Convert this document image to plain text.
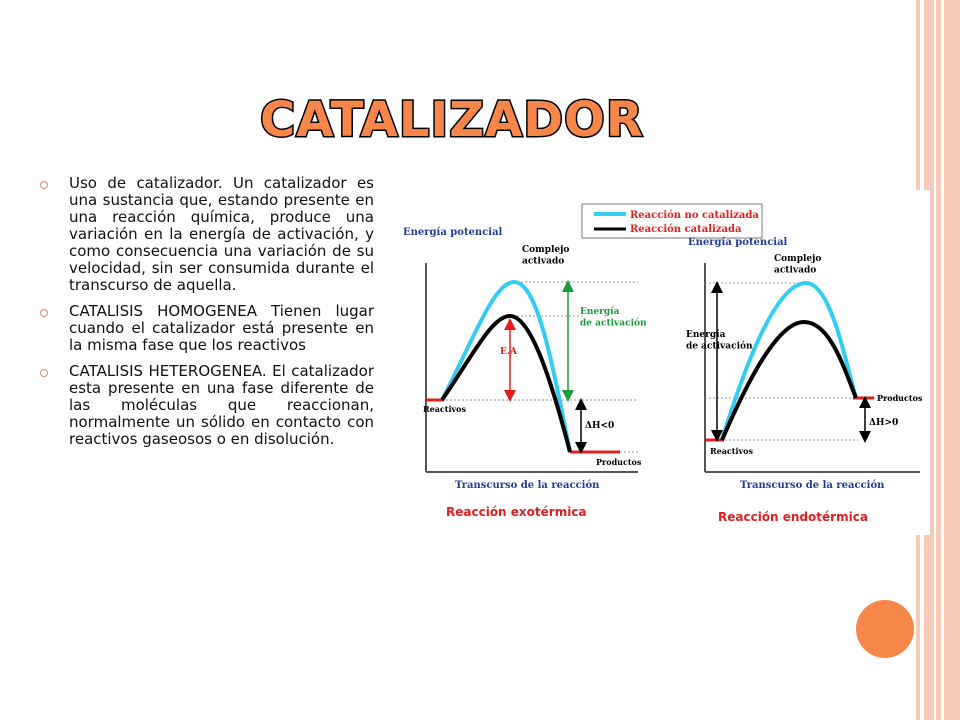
CATALIZADOR
Uso de catalizador. Un catalizador es una sustancia que, estando presente en una reacción química, produce una variación en la energía de activación, y como consecuencia una variación de su velocidad, sin ser consumida durante el transcurso de aquella.
CATALISIS HOMOGENEA Tienen lugar cuando el catalizador está presente en la misma fase que los reactivos
CATALISIS HETEROGENEA. El catalizador esta presente en una fase diferente de las moléculas que reaccionan, normalmente un sólido en contacto con reactivos gaseosos o en disolución.
Reacción no catalizada
Reacción catalizada
Energía potencial
Complejo activado
Energía de activación
E.A
Reactivos
Productos
ΔH<0
Transcurso de la reacción
Reacción exotérmica
Energía potencial
Complejo activado
Energía de activación
Reactivos
Productos
ΔH>0
Transcurso de la reacción
Reacción endotérmica
